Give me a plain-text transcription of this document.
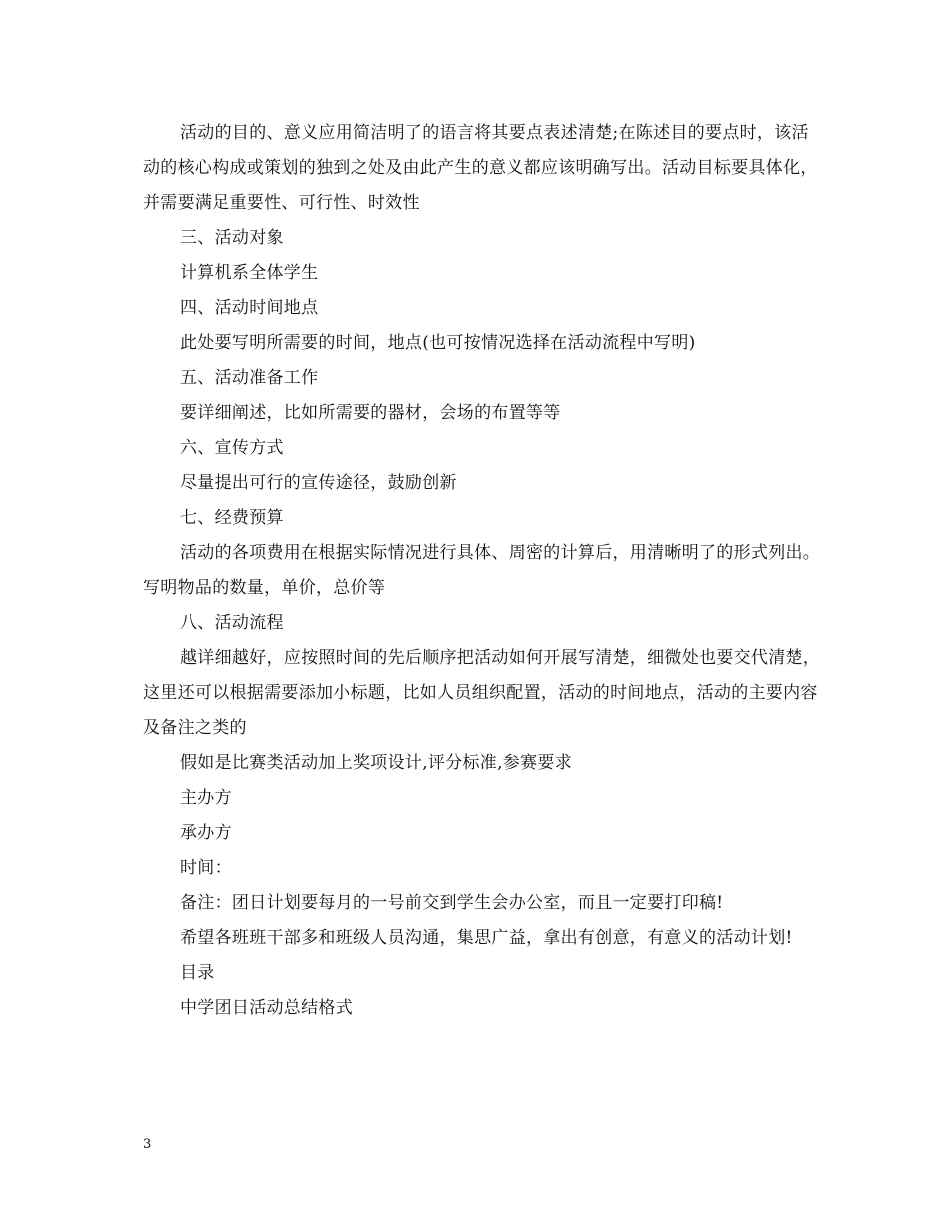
活动的目的、意义应用简洁明了的语言将其要点表述清楚;在陈述目的要点时，该活动的核心构成或策划的独到之处及由此产生的意义都应该明确写出。活动目标要具体化，并需要满足重要性、可行性、时效性

三、活动对象

计算机系全体学生

四、活动时间地点

此处要写明所需要的时间，地点(也可按情况选择在活动流程中写明)

五、活动准备工作

要详细阐述，比如所需要的器材，会场的布置等等

六、宣传方式

尽量提出可行的宣传途径，鼓励创新

七、经费预算

活动的各项费用在根据实际情况进行具体、周密的计算后，用清晰明了的形式列出。写明物品的数量，单价，总价等

八、活动流程

越详细越好，应按照时间的先后顺序把活动如何开展写清楚，细微处也要交代清楚，这里还可以根据需要添加小标题，比如人员组织配置，活动的时间地点，活动的主要内容及备注之类的

假如是比赛类活动加上奖项设计,评分标准,参赛要求

主办方

承办方

时间：

备注：团日计划要每月的一号前交到学生会办公室，而且一定要打印稿!

希望各班班干部多和班级人员沟通，集思广益，拿出有创意，有意义的活动计划!

目录

中学团日活动总结格式

3
